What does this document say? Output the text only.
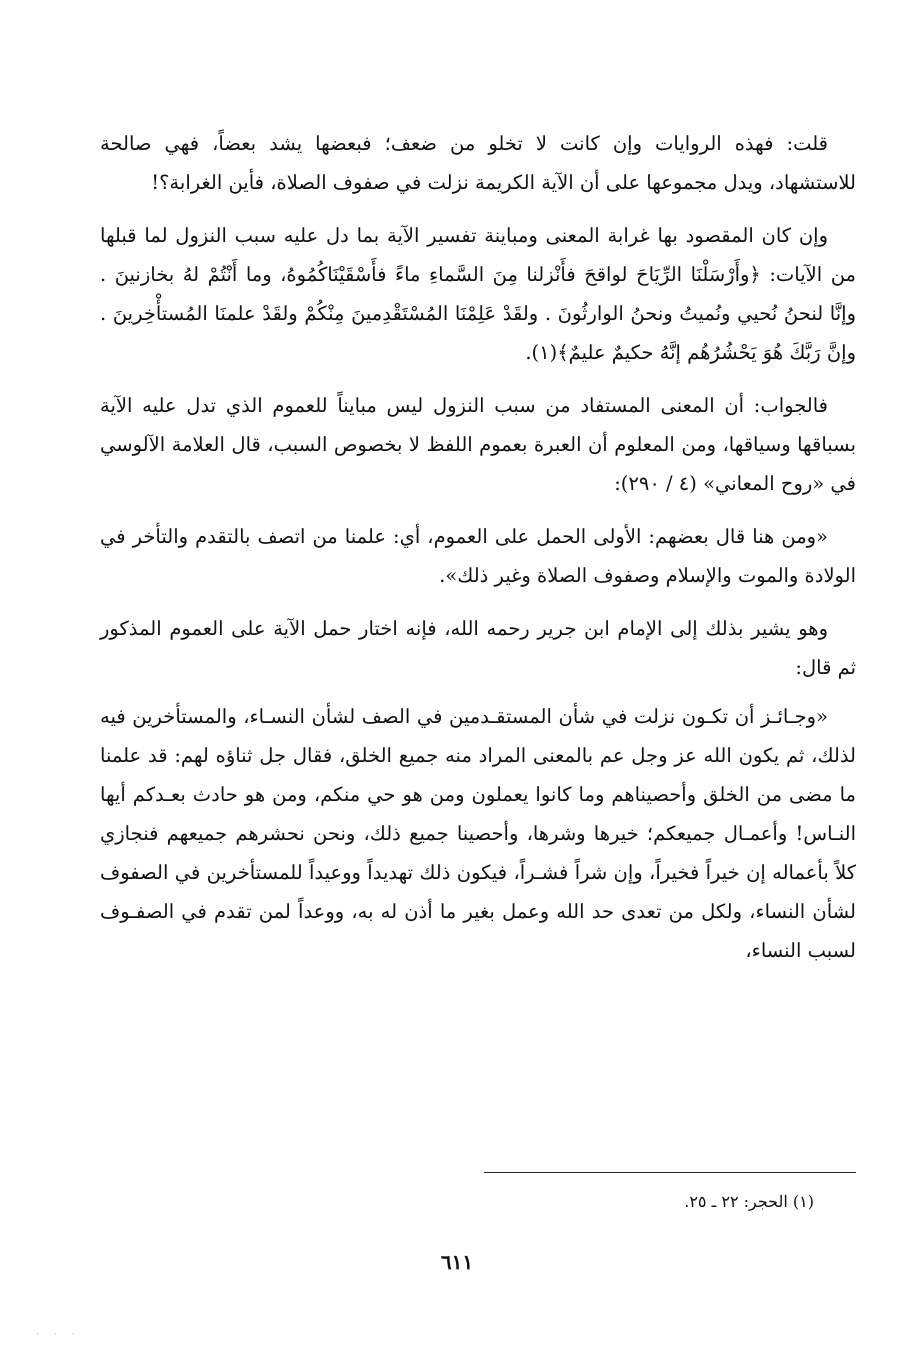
قلت: فهذه الروايات وإن كانت لا تخلو من ضعف؛ فبعضها يشد بعضاً، فهي صالحة للاستشهاد، ويدل مجموعها على أن الآية الكريمة نزلت في صفوف الصلاة، فأين الغرابة؟!

وإن كان المقصود بها غرابة المعنى ومباينة تفسير الآية بما دل عليه سبب النزول لما قبلها من الآيات: ﴿وأَرْسَلْنَا الرِّيَاحَ لواقحَ فأَنْزلنا مِنَ السَّماءِ ماءً فأَسْقَيْنَاكُمُوهُ، وما أَنْتُمْ لهُ بخازنينَ . وإنَّا لنحنُ نُحيي ونُميتُ ونحنُ الوارثُونَ . ولقَدْ عَلِمْنَا المُسْتَقْدِمينَ مِنْكُمْ ولقَدْ علمنَا المُستأْخِرينَ . وإنَّ رَبَّكَ هُوَ يَحْشُرُهُم إنَّهُ حكيمٌ عليمٌ﴾(١).

فالجواب: أن المعنى المستفاد من سبب النزول ليس مبايناً للعموم الذي تدل عليه الآية بسباقها وسياقها، ومن المعلوم أن العبرة بعموم اللفظ لا بخصوص السبب، قال العلامة الآلوسي في «روح المعاني» (٤ / ٢٩٠):

«ومن هنا قال بعضهم: الأولى الحمل على العموم، أي: علمنا من اتصف بالتقدم والتأخر في الولادة والموت والإسلام وصفوف الصلاة وغير ذلك».

وهو يشير بذلك إلى الإمام ابن جرير رحمه الله، فإنه اختار حمل الآية على العموم المذكور ثم قال:

«وجـائـز أن تكـون نزلت في شأن المستقـدمين في الصف لشأن النسـاء، والمستأخرين فيه لذلك، ثم يكون الله عز وجل عم بالمعنى المراد منه جميع الخلق، فقال جل ثناؤه لهم: قد علمنا ما مضى من الخلق وأحصيناهم وما كانوا يعملون ومن هو حي منكم، ومن هو حادث بعـدكم أيها النـاس! وأعمـال جميعكم؛ خيرها وشرها، وأحصينا جميع ذلك، ونحن نحشرهم جميعهم فنجازي كلاً بأعماله إن خيراً فخيراً، وإن شراً فشـراً، فيكون ذلك تهديداً ووعيداً للمستأخرين في الصفوف لشأن النساء، ولكل من تعدى حد الله وعمل بغير ما أذن له به، ووعداً لمن تقدم في الصفـوف لسبب النساء،

(١) الحجر: ٢٢ ـ ٢٥.
٦١١
· · ·
